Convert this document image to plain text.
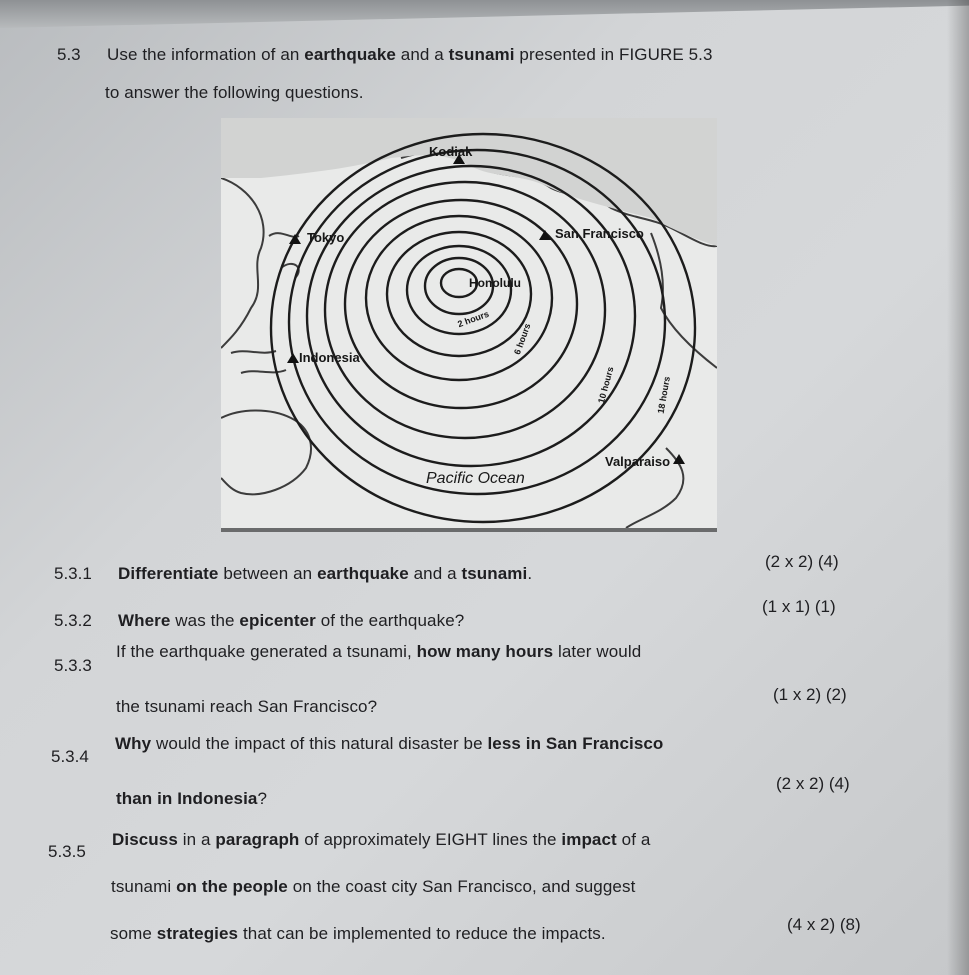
5.3 Use the information of an earthquake and a tsunami presented in FIGURE 5.3
to answer the following questions.
Kodiak
Tokyo	San Francisco
Honolulu
Indonesia
Valparaiso
Pacific Ocean
2 hours
6 hours
10 hours	18 hours
5.3.1 Differentiate between an earthquake and a tsunami.
(2 x 2) (4)
5.3.2 Where was the epicenter of the earthquake?
(1 x 1) (1)
5.3.3
If the earthquake generated a tsunami, how many hours later would
the tsunami reach San Francisco?
(1 x 2) (2)
5.3.4
Why would the impact of this natural disaster be less in San Francisco
than in Indonesia?
(2 x 2) (4)
5.3.5
Discuss in a paragraph of approximately EIGHT lines the impact of a
tsunami on the people on the coast city San Francisco, and suggest
some strategies that can be implemented to reduce the impacts.	(4 x 2) (8)
